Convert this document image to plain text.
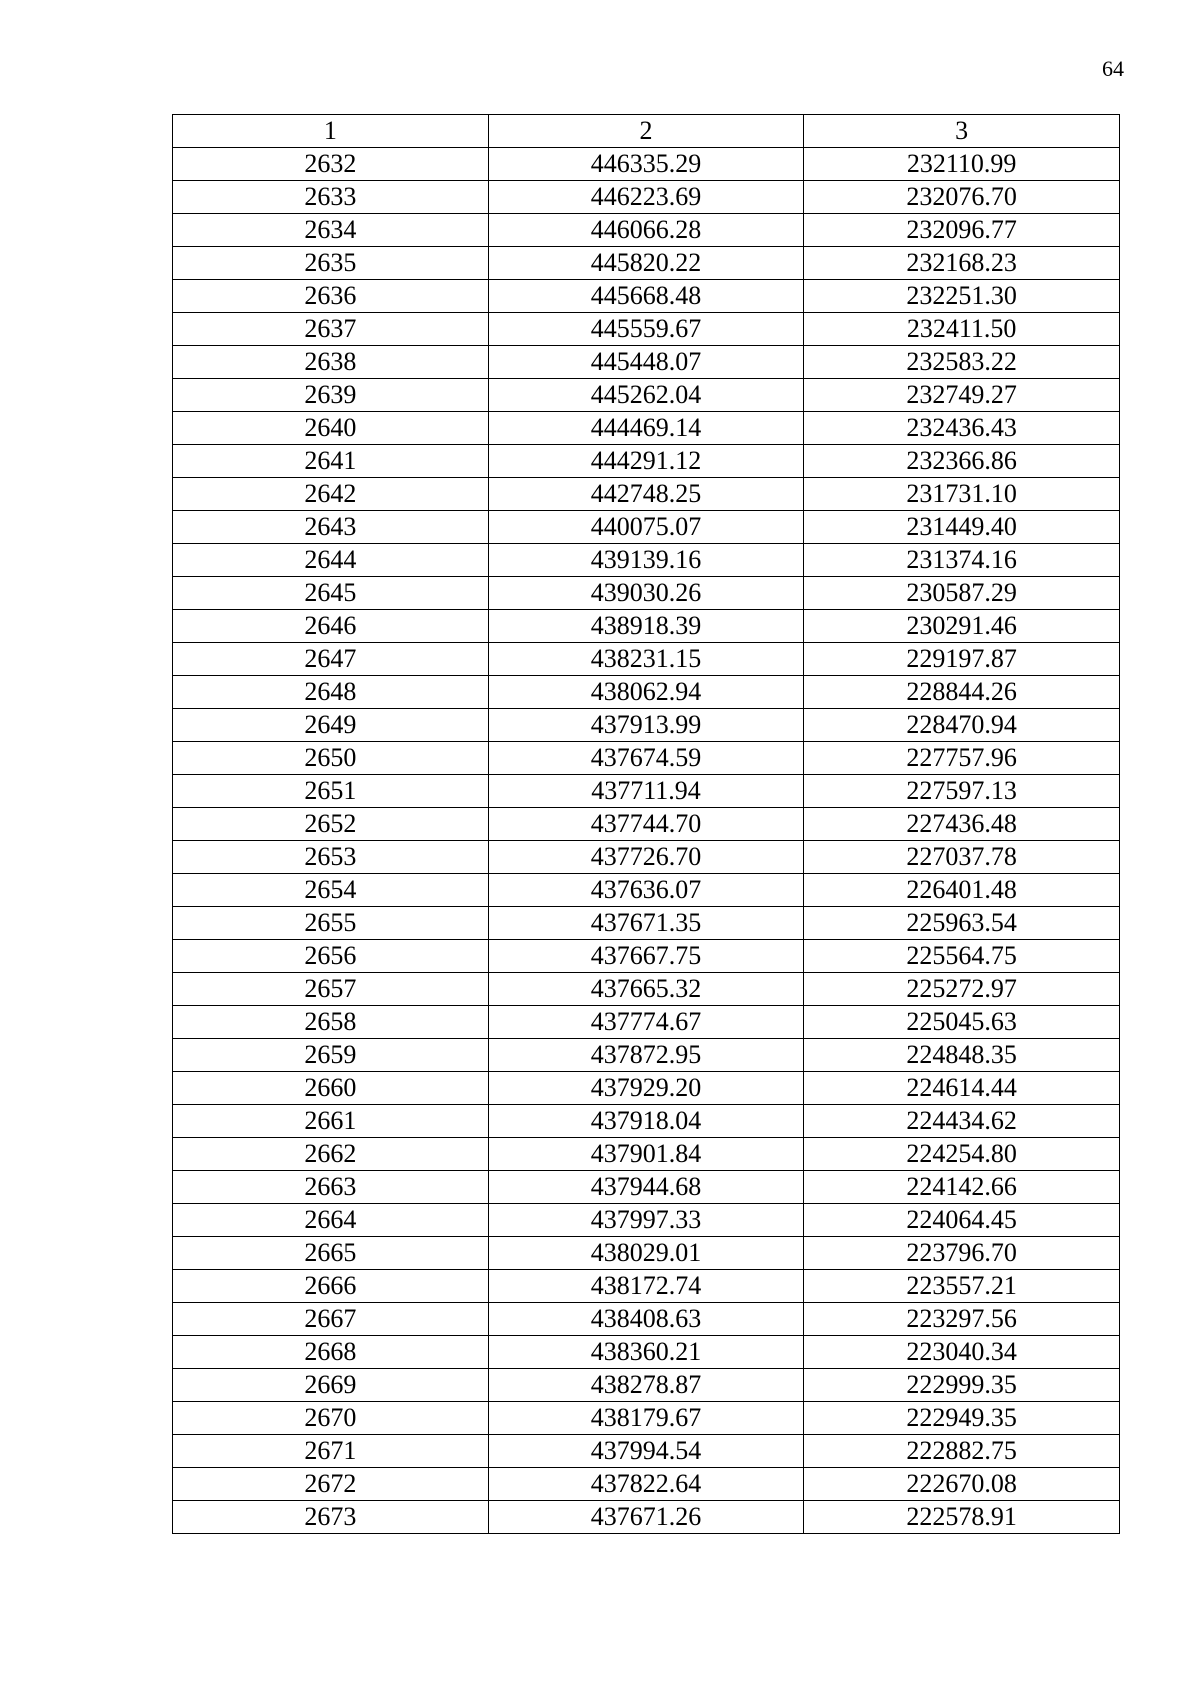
64
1	2	3
2632	446335.29	232110.99
2633	446223.69	232076.70
2634	446066.28	232096.77
2635	445820.22	232168.23
2636	445668.48	232251.30
2637	445559.67	232411.50
2638	445448.07	232583.22
2639	445262.04	232749.27
2640	444469.14	232436.43
2641	444291.12	232366.86
2642	442748.25	231731.10
2643	440075.07	231449.40
2644	439139.16	231374.16
2645	439030.26	230587.29
2646	438918.39	230291.46
2647	438231.15	229197.87
2648	438062.94	228844.26
2649	437913.99	228470.94
2650	437674.59	227757.96
2651	437711.94	227597.13
2652	437744.70	227436.48
2653	437726.70	227037.78
2654	437636.07	226401.48
2655	437671.35	225963.54
2656	437667.75	225564.75
2657	437665.32	225272.97
2658	437774.67	225045.63
2659	437872.95	224848.35
2660	437929.20	224614.44
2661	437918.04	224434.62
2662	437901.84	224254.80
2663	437944.68	224142.66
2664	437997.33	224064.45
2665	438029.01	223796.70
2666	438172.74	223557.21
2667	438408.63	223297.56
2668	438360.21	223040.34
2669	438278.87	222999.35
2670	438179.67	222949.35
2671	437994.54	222882.75
2672	437822.64	222670.08
2673	437671.26	222578.91
